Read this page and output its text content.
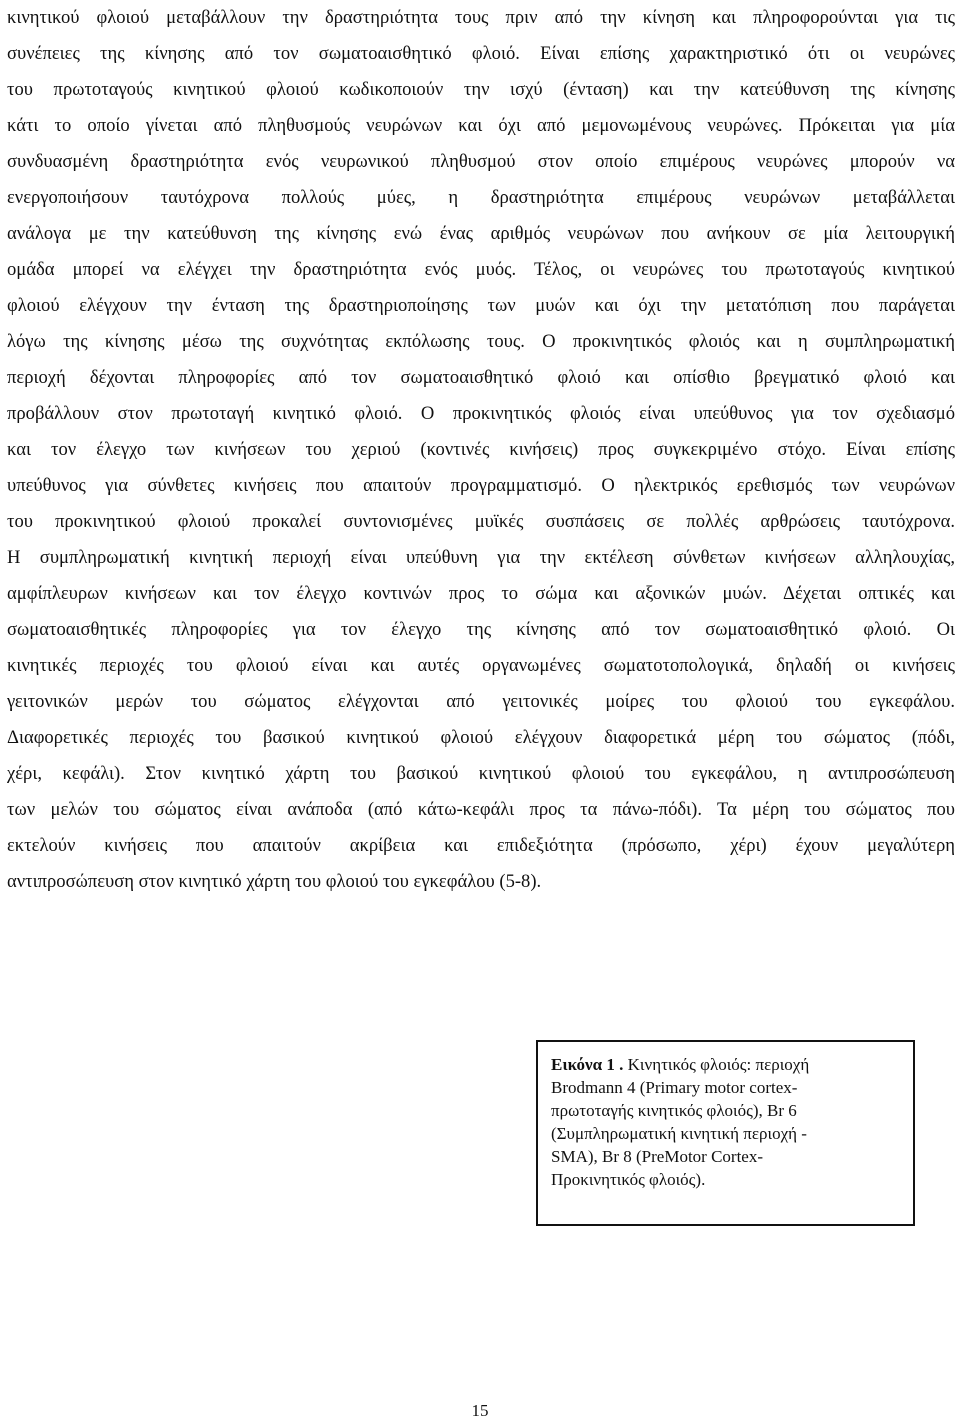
κινητικού φλοιού μεταβάλλουν την δραστηριότητα τους πριν από την κίνηση και πληροφορούνται για τις
συνέπειες της κίνησης από τον σωματοαισθητικό φλοιό. Είναι επίσης χαρακτηριστικό ότι οι νευρώνες
του πρωτοταγούς κινητικού φλοιού κωδικοποιούν την ισχύ (ένταση) και την κατεύθυνση της κίνησης
κάτι το οποίο γίνεται από πληθυσμούς νευρώνων και όχι από μεμονωμένους νευρώνες. Πρόκειται για μία
συνδυασμένη δραστηριότητα ενός νευρωνικού πληθυσμού στον οποίο επιμέρους νευρώνες μπορούν να
ενεργοποιήσουν ταυτόχρονα πολλούς μύες, η δραστηριότητα επιμέρους νευρώνων μεταβάλλεται
ανάλογα με την κατεύθυνση της κίνησης ενώ ένας αριθμός νευρώνων που ανήκουν σε μία λειτουργική
ομάδα μπορεί να ελέγχει την δραστηριότητα ενός μυός. Τέλος, οι νευρώνες του πρωτοταγούς κινητικού
φλοιού ελέγχουν την ένταση της δραστηριοποίησης των μυών και όχι την μετατόπιση που παράγεται
λόγω της κίνησης μέσω της συχνότητας εκπόλωσης τους. Ο προκινητικός φλοιός και η συμπληρωματική
περιοχή δέχονται πληροφορίες από τον σωματοαισθητικό φλοιό και οπίσθιο βρεγματικό φλοιό και
προβάλλουν στον πρωτοταγή κινητικό φλοιό. Ο προκινητικός φλοιός είναι υπεύθυνος για τον σχεδιασμό
και τον έλεγχο των κινήσεων του χεριού (κοντινές κινήσεις) προς συγκεκριμένο στόχο. Είναι επίσης
υπεύθυνος για σύνθετες κινήσεις που απαιτούν προγραμματισμό. Ο ηλεκτρικός ερεθισμός των νευρώνων
του προκινητικού φλοιού προκαλεί συντονισμένες μυϊκές συσπάσεις σε πολλές αρθρώσεις ταυτόχρονα.
Η συμπληρωματική κινητική περιοχή είναι υπεύθυνη για την εκτέλεση σύνθετων κινήσεων αλληλουχίας,
αμφίπλευρων κινήσεων και τον έλεγχο κοντινών προς το σώμα και αξονικών μυών. Δέχεται οπτικές και
σωματοαισθητικές πληροφορίες για τον έλεγχο της κίνησης από τον σωματοαισθητικό φλοιό. Οι
κινητικές περιοχές του φλοιού είναι και αυτές οργανωμένες σωματοτοπολογικά, δηλαδή οι κινήσεις
γειτονικών μερών του σώματος ελέγχονται από γειτονικές μοίρες του φλοιού του εγκεφάλου.
Διαφορετικές περιοχές του βασικού κινητικού φλοιού ελέγχουν διαφορετικά μέρη του σώματος (πόδι,
χέρι, κεφάλι). Στον κινητικό χάρτη του βασικού κινητικού φλοιού του εγκεφάλου, η αντιπροσώπευση
των μελών του σώματος είναι ανάποδα (από κάτω-κεφάλι προς τα πάνω-πόδι). Τα μέρη του σώματος που
εκτελούν κινήσεις που απαιτούν ακρίβεια και επιδεξιότητα (πρόσωπο, χέρι) έχουν μεγαλύτερη
αντιπροσώπευση στον κινητικό χάρτη του φλοιού του εγκεφάλου (5-8).
Εικόνα 1 . Κινητικός φλοιός: περιοχή
Brodmann 4 (Primary motor cortex-
πρωτοταγής κινητικός φλοιός), Br 6
(Συμπληρωματική κινητική περιοχή -
SMA), Br 8 (PreMotor Cortex-
Προκινητικός φλοιός).
15
